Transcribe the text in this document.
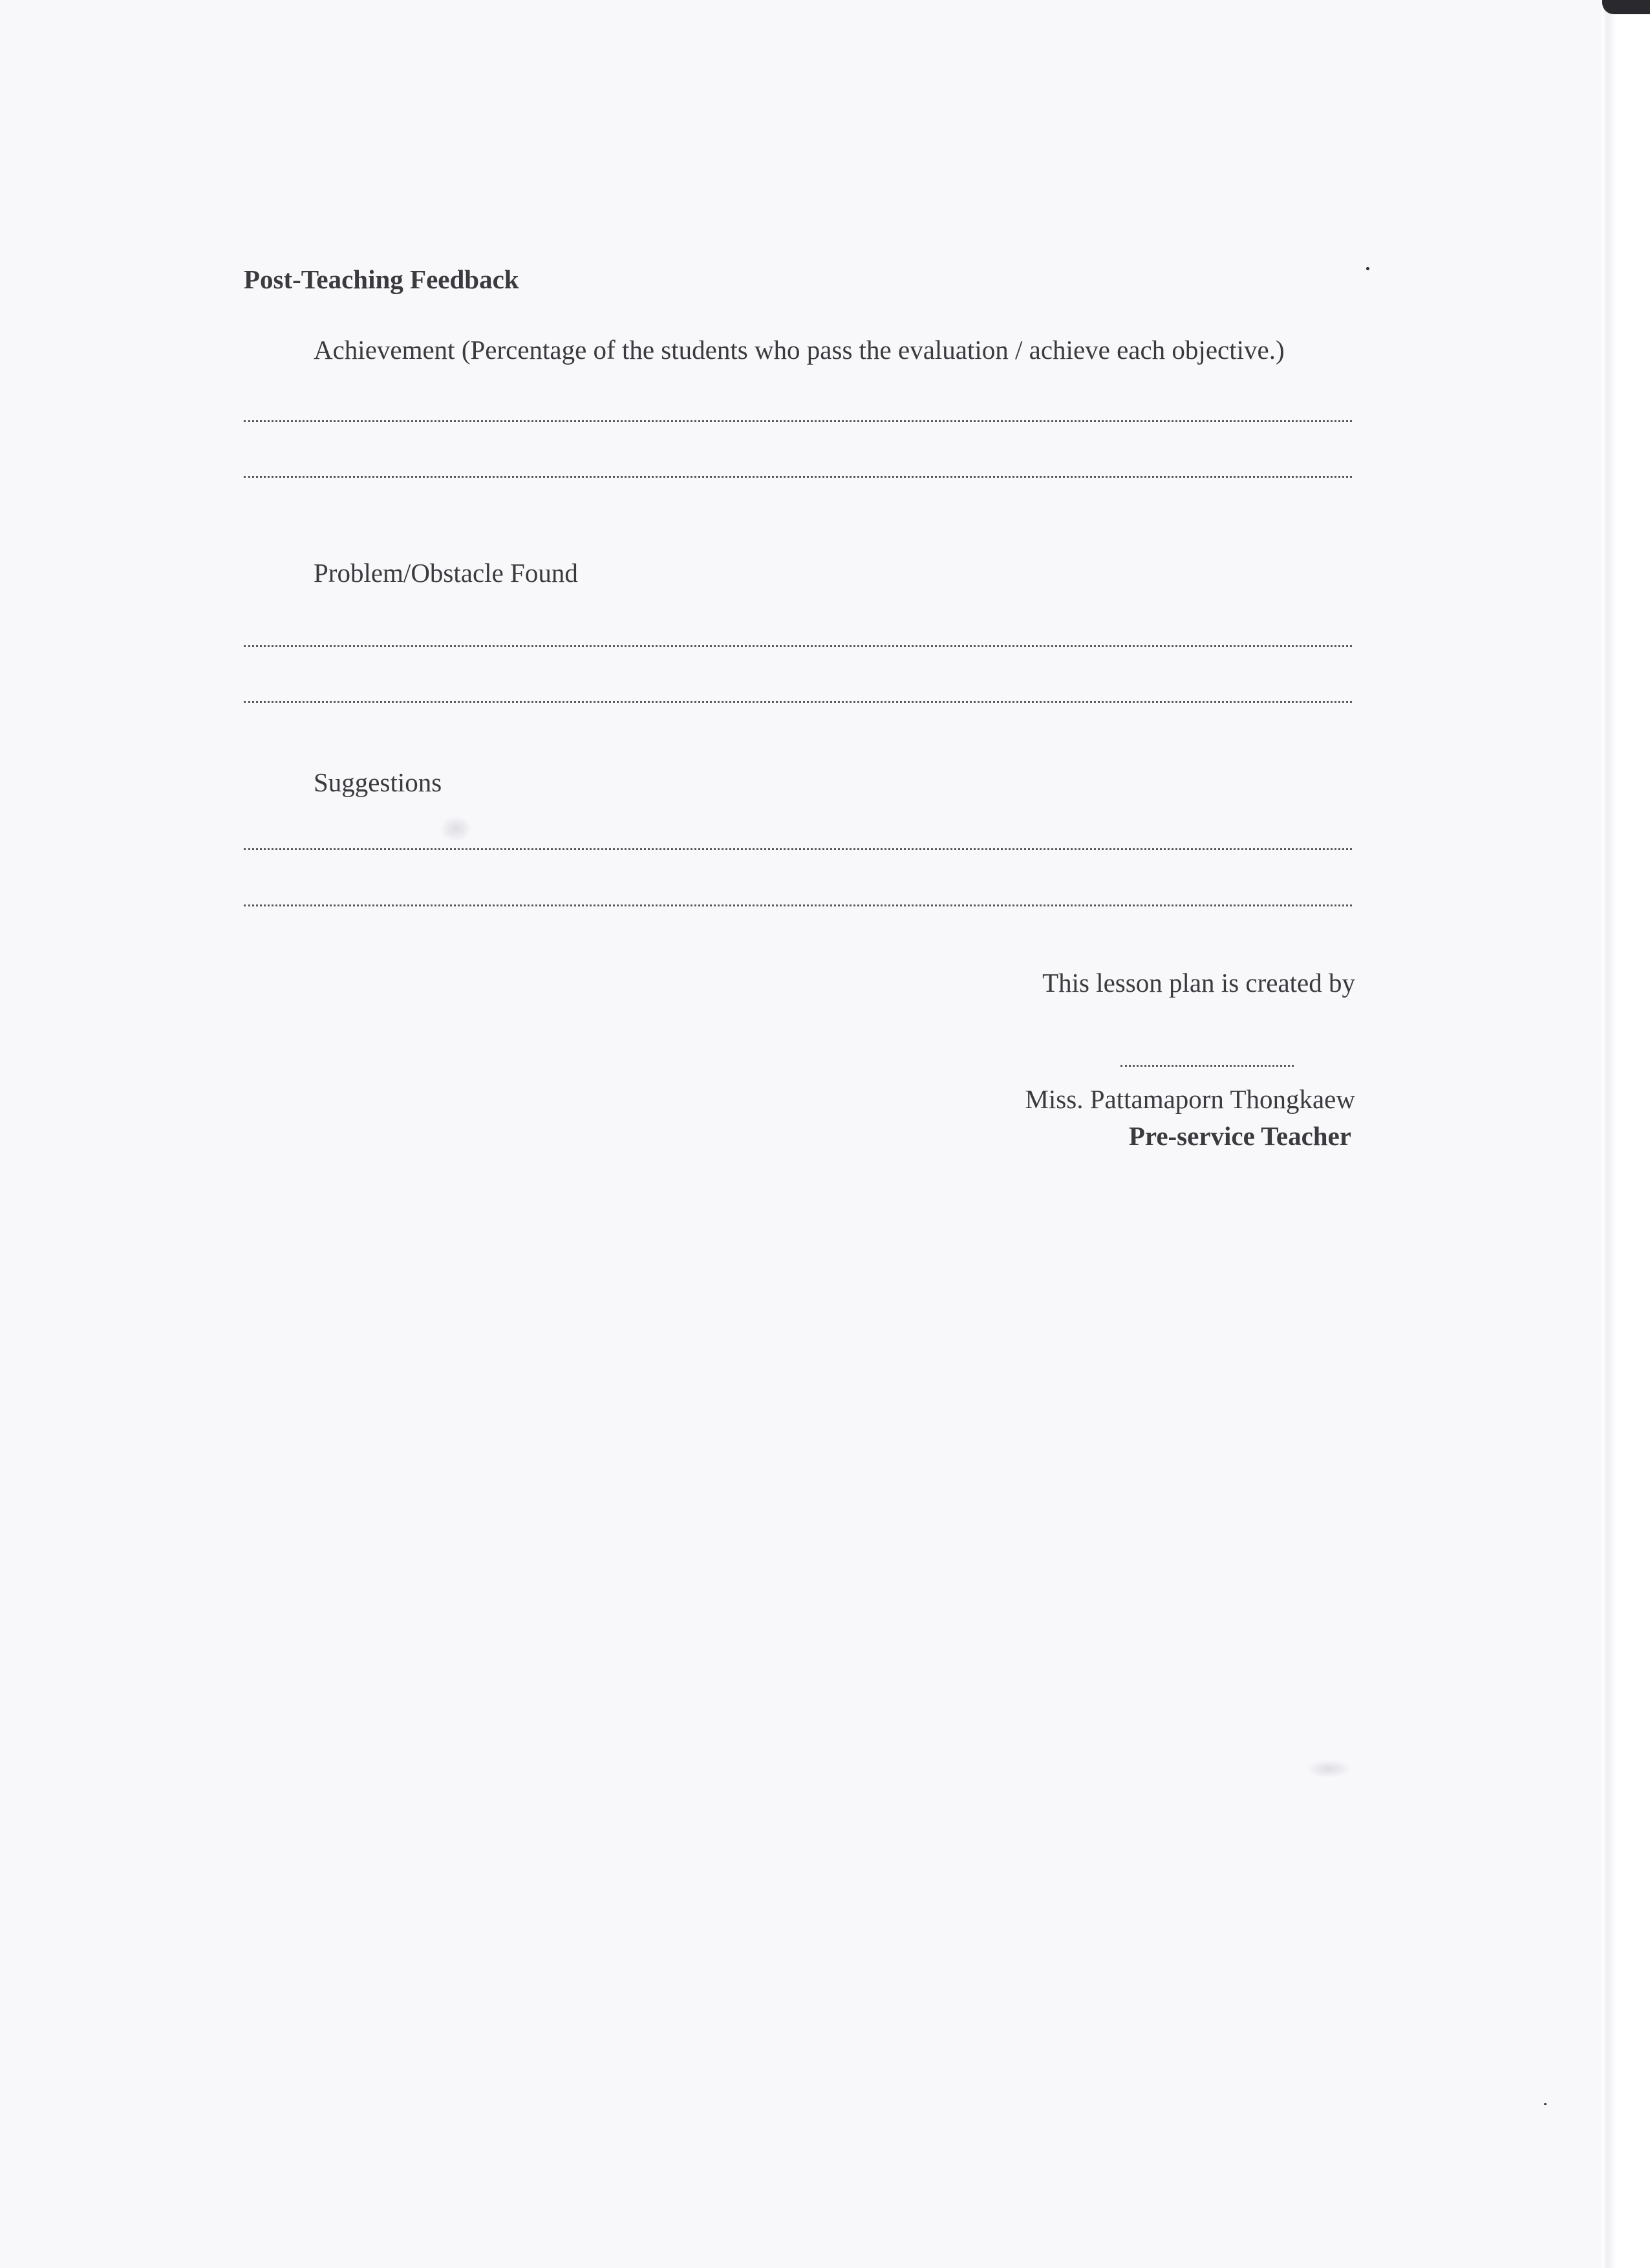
Post-Teaching Feedback
Achievement (Percentage of the students who pass the evaluation / achieve each objective.)
Problem/Obstacle Found
Suggestions
This lesson plan is created by
Miss. Pattamaporn Thongkaew
Pre-service Teacher
